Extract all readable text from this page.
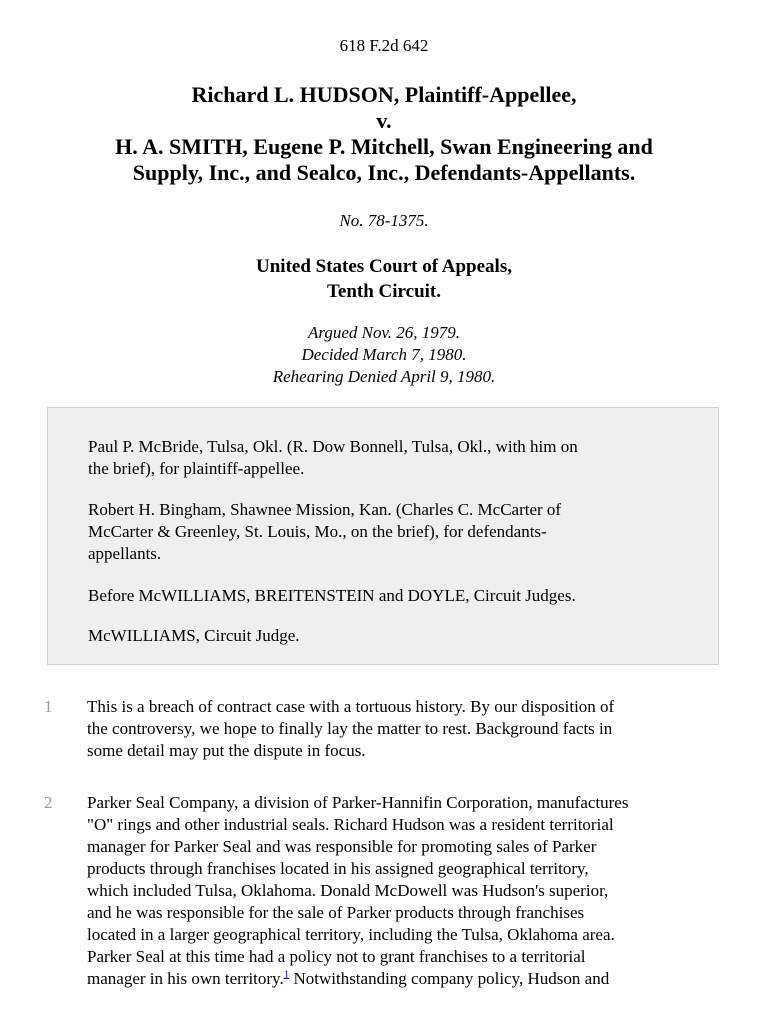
618 F.2d 642
Richard L. HUDSON, Plaintiff-Appellee,
v.
H. A. SMITH, Eugene P. Mitchell, Swan Engineering and
Supply, Inc., and Sealco, Inc., Defendants-Appellants.
No. 78-1375.
United States Court of Appeals,
Tenth Circuit.
Argued Nov. 26, 1979.
Decided March 7, 1980.
Rehearing Denied April 9, 1980.

Paul P. McBride, Tulsa, Okl. (R. Dow Bonnell, Tulsa, Okl., with him on
the brief), for plaintiff-appellee.

Robert H. Bingham, Shawnee Mission, Kan. (Charles C. McCarter of
McCarter & Greenley, St. Louis, Mo., on the brief), for defendants-
appellants.

Before McWILLIAMS, BREITENSTEIN and DOYLE, Circuit Judges.

McWILLIAMS, Circuit Judge.

1 This is a breach of contract case with a tortuous history. By our disposition of
the controversy, we hope to finally lay the matter to rest. Background facts in
some detail may put the dispute in focus.

2 Parker Seal Company, a division of Parker-Hannifin Corporation, manufactures
"O" rings and other industrial seals. Richard Hudson was a resident territorial
manager for Parker Seal and was responsible for promoting sales of Parker
products through franchises located in his assigned geographical territory,
which included Tulsa, Oklahoma. Donald McDowell was Hudson's superior,
and he was responsible for the sale of Parker products through franchises
located in a larger geographical territory, including the Tulsa, Oklahoma area.
Parker Seal at this time had a policy not to grant franchises to a territorial
manager in his own territory.$^1$ Notwithstanding company policy, Hudson and
